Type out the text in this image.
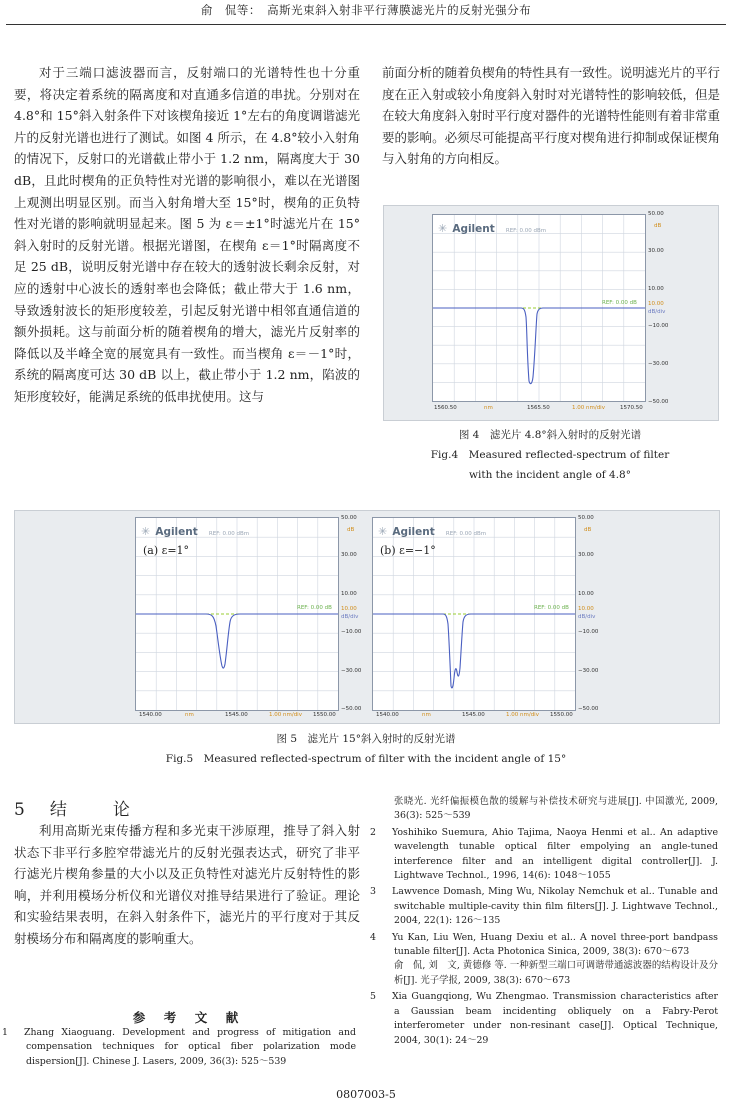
俞　侃等：　高斯光束斜入射非平行薄膜滤光片的反射光强分布

对于三端口滤波器而言，反射端口的光谱特性也十分重要，将决定着系统的隔离度和对直通多信道的串扰。分别对在 4.8°和 15°斜入射条件下对该楔角接近 1°左右的角度调谐滤光片的反射光谱也进行了测试。如图 4 所示，在 4.8°较小入射角的情况下，反射口的光谱截止带小于 1.2 nm，隔离度大于 30 dB，且此时楔角的正负特性对光谱的影响很小，难以在光谱图上观测出明显区别。而当入射角增大至 15°时，楔角的正负特性对光谱的影响就明显起来。图 5 为 ε＝±1°时滤光片在 15°斜入射时的反射光谱。根据光谱图，在楔角 ε＝1°时隔离度不足 25 dB，说明反射光谱中存在较大的透射波长剩余反射，对应的透射中心波长的透射率也会降低；截止带大于 1.6 nm，导致透射波长的矩形度较差，引起反射光谱中相邻直通信道的额外损耗。这与前面分析的随着楔角的增大，滤光片反射率的降低以及半峰全宽的展宽具有一致性。而当楔角 ε＝－1°时，系统的隔离度可达 30 dB 以上，截止带小于 1.2 nm，陷波的矩形度较好，能满足系统的低串扰使用。这与

前面分析的随着负楔角的特性具有一致性。说明滤光片的平行度在正入射或较小角度斜入射时对光谱特性的影响较低，但是在较大角度斜入射时平行度对器件的光谱特性能则有着非常重要的影响。必须尽可能提高平行度对楔角进行抑制或保证楔角与入射角的方向相反。

✳ Agilent REF: 0.00 dBm
50.00
dB
30.00
10.00
REF: 0.00 dB 10.00
dB/div
−10.00
−30.00
−50.00
1560.50	nm	1565.50	1.00 nm/div	1570.50

图 4　滤光片 4.8°斜入射时的反射光谱

Fig.4　Measured reflected-spectrum of filter

with the incident angle of 4.8°

✳ Agilent REF: 0.00 dBm
(a) ε=1°
50.00
dB
30.00
10.00
REF: 0.00 dB 10.00
dB/div
−10.00
−30.00
−50.00
1540.00	nm	1545.00	1.00 nm/div 1550.00
✳ Agilent REF: 0.00 dBm
(b) ε=−1°
50.00
dB
30.00
10.00
REF: 0.00 dB 10.00
dB/div
−10.00
−30.00
−50.00
1540.00	nm	1545.00	1.00 nm/div 1550.00

图 5　滤光片 15°斜入射时的反射光谱

Fig.5　Measured reflected-spectrum of filter with the incident angle of 15°

5　结　　论

利用高斯光束传播方程和多光束干涉原理，推导了斜入射状态下非平行多腔窄带滤光片的反射光强表达式，研究了非平行滤光片楔角参量的大小以及正负特性对滤光片反射特性的影响，并利用模场分析仪和光谱仪对推导结果进行了验证。理论和实验结果表明，在斜入射条件下，滤光片的平行度对于其反射模场分布和隔离度的影响重大。

参　考　文　献

1 Zhang Xiaoguang. Development and progress of mitigation and compensation techniques for optical fiber polarization mode dispersion[J]. Chinese J. Lasers, 2009, 36(3): 525～539

张晓光. 光纤偏振模色散的缓解与补偿技术研究与进展[J]. 中国激光, 2009, 36(3): 525～539

2 Yoshihiko Suemura, Ahio Tajima, Naoya Henmi et al.. An adaptive wavelength tunable optical filter empolying an angle-tuned interference filter and an intelligent digital controller[J]. J. Lightwave Technol., 1996, 14(6): 1048～1055

3 Lawvence Domash, Ming Wu, Nikolay Nemchuk et al.. Tunable and switchable multiple-cavity thin film filters[J]. J. Lightwave Technol., 2004, 22(1): 126～135

4 Yu Kan, Liu Wen, Huang Dexiu et al.. A novel three-port bandpass tunable filter[J]. Acta Photonica Sinica, 2009, 38(3): 670～673

俞　侃, 刘　文, 黄德修 等. 一种新型三端口可调谐带通滤波器的结构设计及分析[J]. 光子学报, 2009, 38(3): 670～673

5 Xia Guangqiong, Wu Zhengmao. Transmission characteristics after a Gaussian beam incidenting obliquely on a Fabry-Perot interferometer under non-resinant case[J]. Optical Technique, 2004, 30(1): 24～29

0807003-5
